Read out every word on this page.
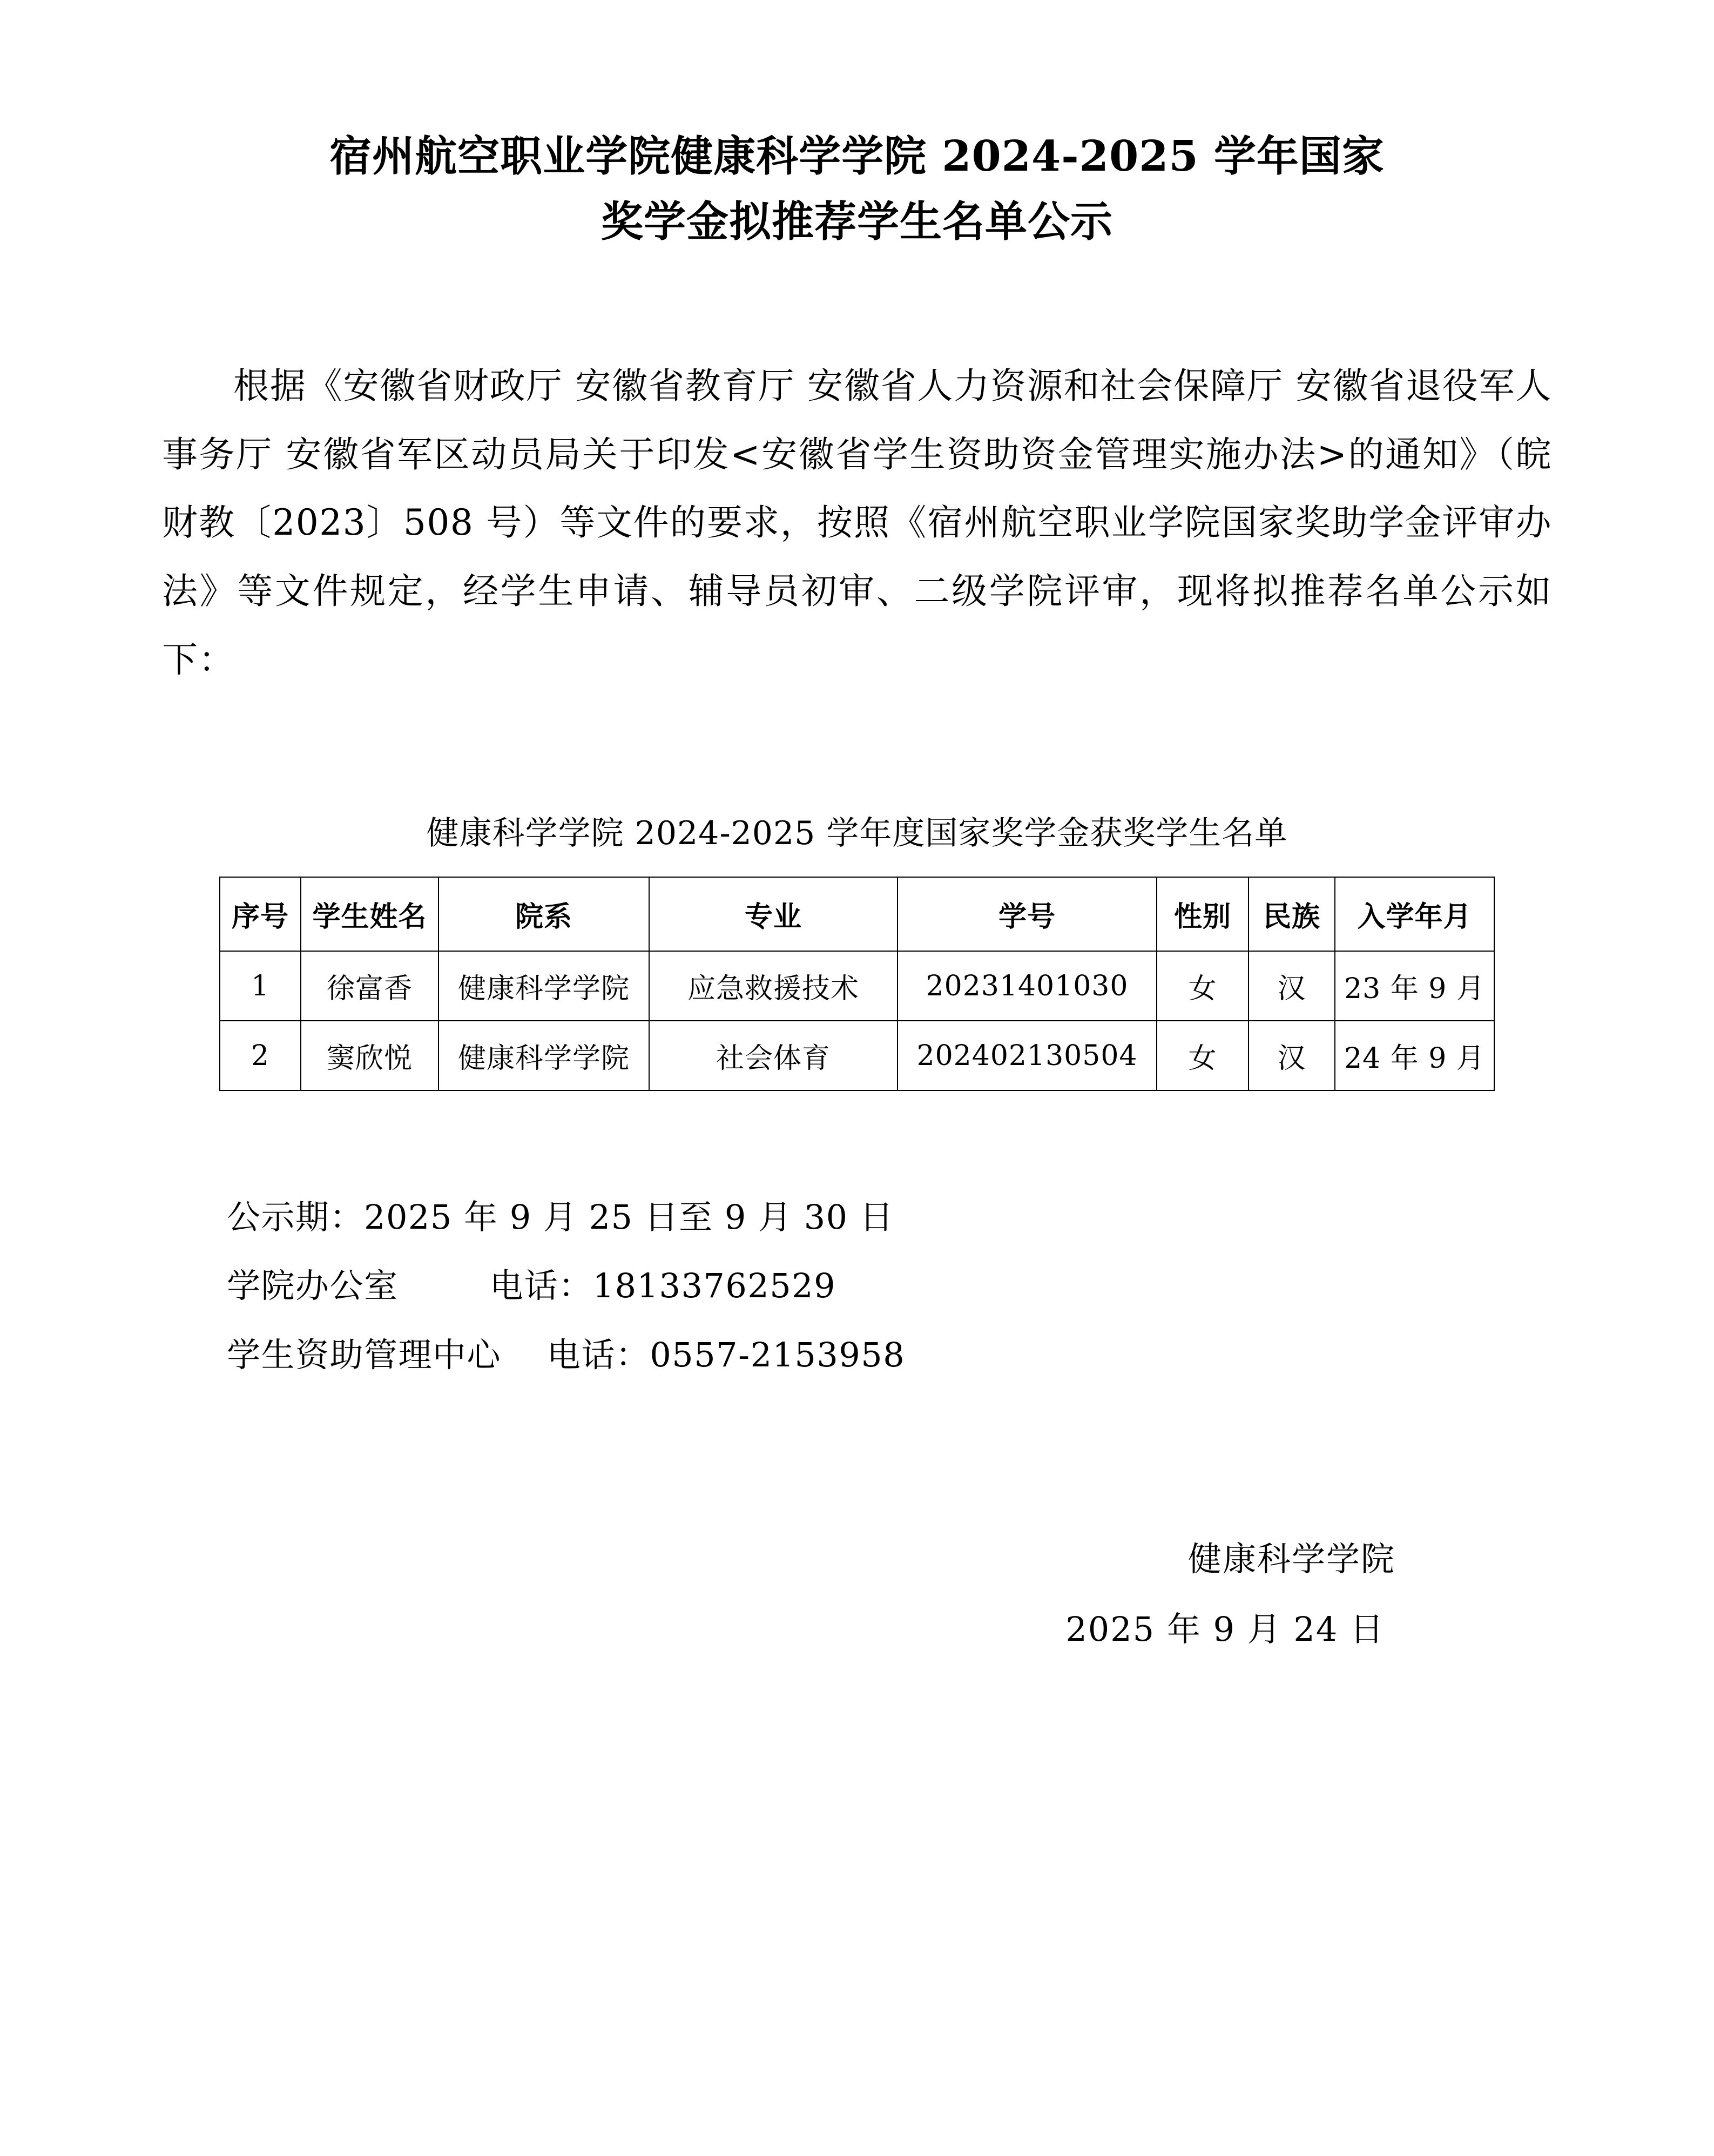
宿州航空职业学院健康科学学院 2024-2025 学年国家
奖学金拟推荐学生名单公示

根据《安徽省财政厅 安徽省教育厅 安徽省人力资源和社会保障厅 安徽省退役军人事务厅 安徽省军区动员局关于印发<安徽省学生资助资金管理实施办法>的通知》（皖财教〔2023〕508 号）等文件的要求，按照《宿州航空职业学院国家奖助学金评审办法》等文件规定，经学生申请、辅导员初审、二级学院评审，现将拟推荐名单公示如下：

健康科学学院 2024-2025 学年度国家奖学金获奖学生名单
序号	学生姓名	院系	专业	学号	性别	民族	入学年月
1	徐富香	健康科学学院	应急救援技术	20231401030	女	汉	23 年 9 月
2	窦欣悦	健康科学学院	社会体育	202402130504	女	汉	24 年 9 月
公示期：2025 年 9 月 25 日至 9 月 30 日
学院办公室        电话：18133762529
学生资助管理中心    电话：0557-2153958
健康科学学院
2025 年 9 月 24 日
